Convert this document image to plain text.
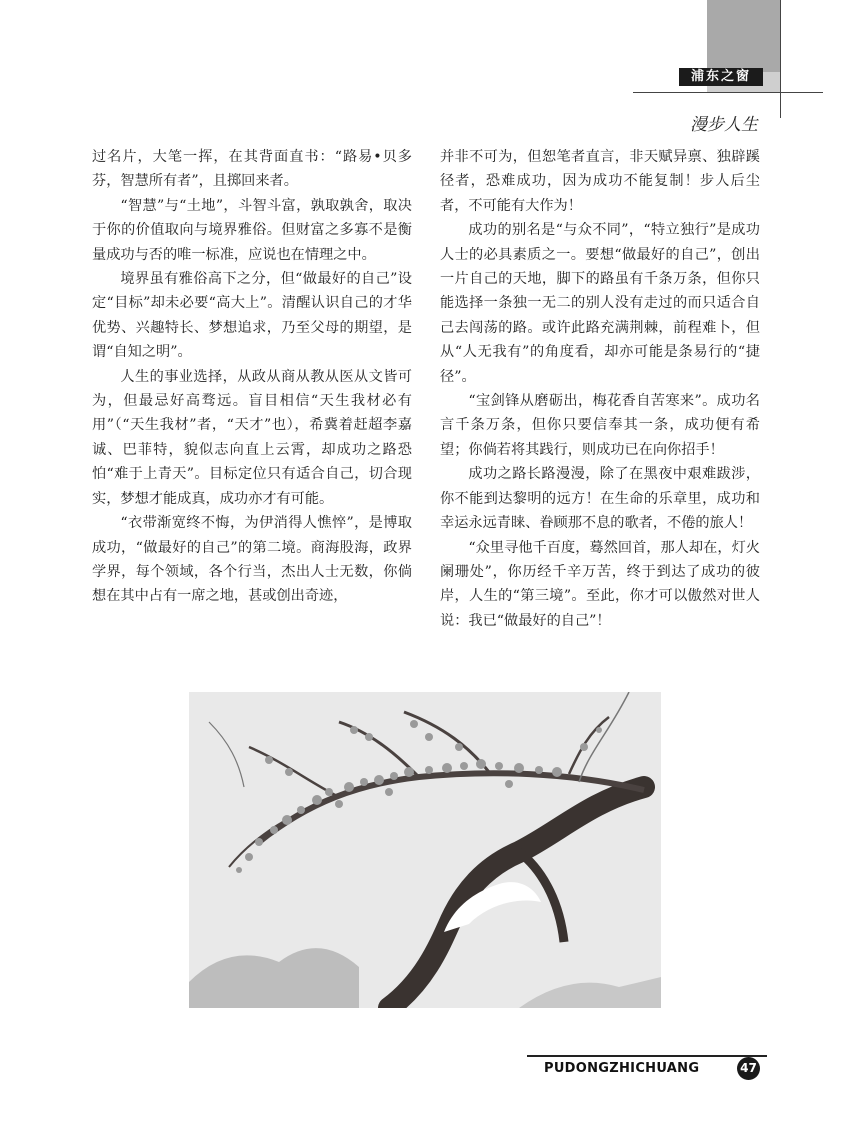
浦东之窗
漫步人生

过名片，大笔一挥，在其背面直书：“路易•贝多芬，智慧所有者”，且掷回来者。

“智慧”与“土地”，斗智斗富，孰取孰舍，取决于你的价值取向与境界雅俗。但财富之多寡不是衡量成功与否的唯一标准，应说也在情理之中。

境界虽有雅俗高下之分，但“做最好的自己”设定“目标”却未必要“高大上”。清醒认识自己的才华优势、兴趣特长、梦想追求，乃至父母的期望，是谓“自知之明”。

人生的事业选择，从政从商从教从医从文皆可为，但最忌好高骛远。盲目相信“天生我材必有用”（“天生我材”者，“天才”也），希冀着赶超李嘉诚、巴菲特，貌似志向直上云霄，却成功之路恐怕“难于上青天”。目标定位只有适合自己，切合现实，梦想才能成真，成功亦才有可能。

“衣带渐宽终不悔，为伊消得人憔悴”，是博取成功，“做最好的自己”的第二境。商海股海，政界学界，每个领域，各个行当，杰出人士无数，你倘想在其中占有一席之地，甚或创出奇迹，

并非不可为，但恕笔者直言，非天赋异禀、独辟蹊径者，恐难成功，因为成功不能复制！步人后尘者，不可能有大作为！

成功的别名是“与众不同”，“特立独行”是成功人士的必具素质之一。要想“做最好的自己”，创出一片自己的天地，脚下的路虽有千条万条，但你只能选择一条独一无二的别人没有走过的而只适合自己去闯荡的路。或许此路充满荆棘，前程难卜，但从“人无我有”的角度看，却亦可能是条易行的“捷径”。

“宝剑锋从磨砺出，梅花香自苦寒来”。成功名言千条万条，但你只要信奉其一条，成功便有希望；你倘若将其践行，则成功已在向你招手！

成功之路长路漫漫，除了在黑夜中艰难跋涉，你不能到达黎明的远方！在生命的乐章里，成功和幸运永远青睐、眷顾那不息的歌者，不倦的旅人！

“众里寻他千百度，蓦然回首，那人却在，灯火阑珊处”，你历经千辛万苦，终于到达了成功的彼岸，人生的“第三境”。至此，你才可以傲然对世人说：我已“做最好的自己”！

PUDONGZHICHUANG	47
